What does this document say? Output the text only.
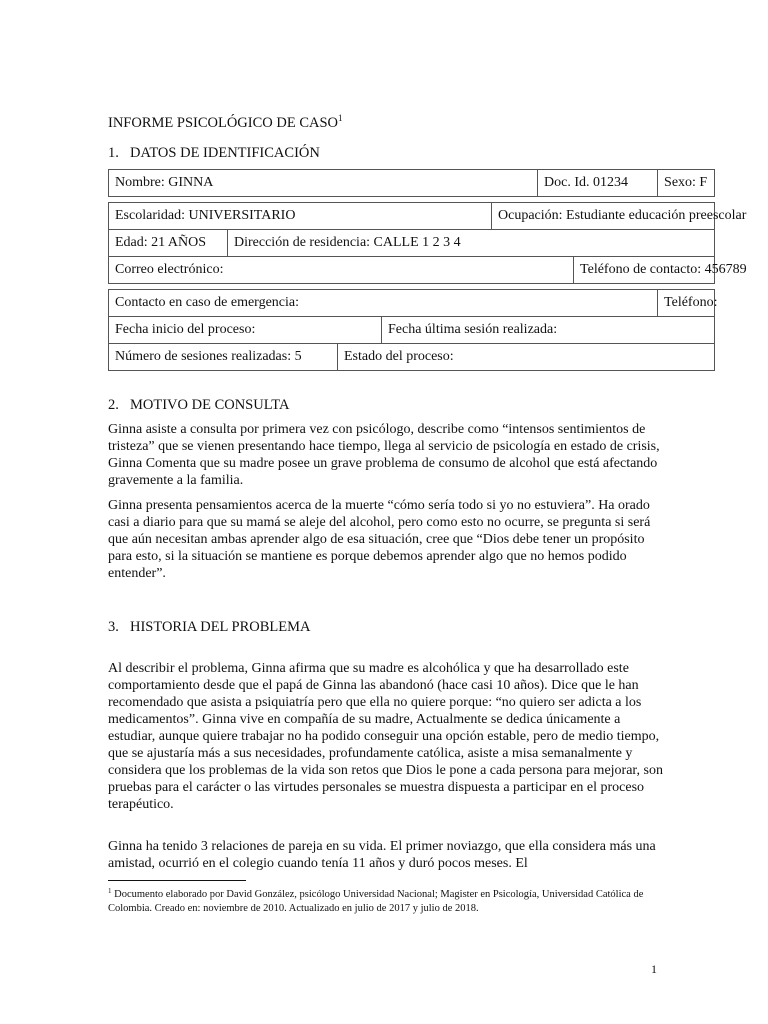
INFORME PSICOLÓGICO DE CASO$^1$
1. DATOS DE IDENTIFICACIÓN
Nombre: GINNA					Doc. Id. 01234		Sexo: F

Escolaridad: UNIVERSITARIO				Ocupación: Estudiante educación preescolar			
Edad: 21 AÑOS	Dirección de residencia: CALLE 1 2 3 4						
Correo electrónico:						Teléfono de contacto: 456789	

Contacto en caso de emergencia:							Teléfono:
Fecha inicio del proceso:			Fecha última sesión realizada:				
Número de sesiones realizadas: 5		Estado del proceso:					
2. MOTIVO DE CONSULTA

Ginna asiste a consulta por primera vez con psicólogo, describe como “intensos sentimientos de tristeza” que se vienen presentando hace tiempo, llega al servicio de psicología en estado de crisis, Ginna Comenta que su madre posee un grave problema de consumo de alcohol que está afectando gravemente a la familia.

Ginna presenta pensamientos acerca de la muerte “cómo sería todo si yo no estuviera”. Ha orado casi a diario para que su mamá se aleje del alcohol, pero como esto no ocurre, se pregunta si será que aún necesitan ambas aprender algo de esa situación, cree que “Dios debe tener un propósito para esto, si la situación se mantiene es porque debemos aprender algo que no hemos podido entender”.

3. HISTORIA DEL PROBLEMA

Al describir el problema, Ginna afirma que su madre es alcohólica y que ha desarrollado este comportamiento desde que el papá de Ginna las abandonó (hace casi 10 años). Dice que le han recomendado que asista a psiquiatría pero que ella no quiere porque: “no quiero ser adicta a los medicamentos”. Ginna vive en compañía de su madre, Actualmente se dedica únicamente a estudiar, aunque quiere trabajar no ha podido conseguir una opción estable, pero de medio tiempo, que se ajustaría más a sus necesidades, profundamente católica, asiste a misa semanalmente y considera que los problemas de la vida son retos que Dios le pone a cada persona para mejorar, son pruebas para el carácter o las virtudes personales se muestra dispuesta a participar en el proceso terapéutico.

Ginna ha tenido 3 relaciones de pareja en su vida. El primer noviazgo, que ella considera más una amistad, ocurrió en el colegio cuando tenía 11 años y duró pocos meses. El

$^1$ Documento elaborado por David González, psicólogo Universidad Nacional; Magister en Psicología, Universidad Católica de Colombia. Creado en: noviembre de 2010. Actualizado en julio de 2017 y julio de 2018.
1
